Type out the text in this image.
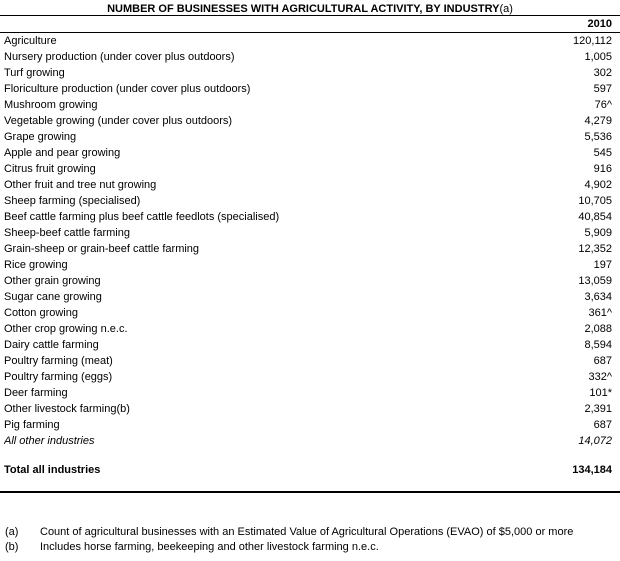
NUMBER OF BUSINESSES WITH AGRICULTURAL ACTIVITY, BY INDUSTRY(a)
2010
Agriculture	120,112
Nursery production (under cover plus outdoors)	1,005
Turf growing	302
Floriculture production (under cover plus outdoors)	597
Mushroom growing	76^
Vegetable growing (under cover plus outdoors)	4,279
Grape growing	5,536
Apple and pear growing	545
Citrus fruit growing	916
Other fruit and tree nut growing	4,902
Sheep farming (specialised)	10,705
Beef cattle farming plus beef cattle feedlots (specialised)	40,854
Sheep-beef cattle farming	5,909
Grain-sheep or grain-beef cattle farming	12,352
Rice growing	197
Other grain growing	13,059
Sugar cane growing	3,634
Cotton growing	361^
Other crop growing n.e.c.	2,088
Dairy cattle farming	8,594
Poultry farming (meat)	687
Poultry farming (eggs)	332^
Deer farming	101*
Other livestock farming(b)	2,391
Pig farming	687
All other industries	14,072
Total all industries	134,184
(a)	Count of agricultural businesses with an Estimated Value of Agricultural Operations (EVAO) of $5,000 or more
(b)	Includes horse farming, beekeeping and other livestock farming n.e.c.
